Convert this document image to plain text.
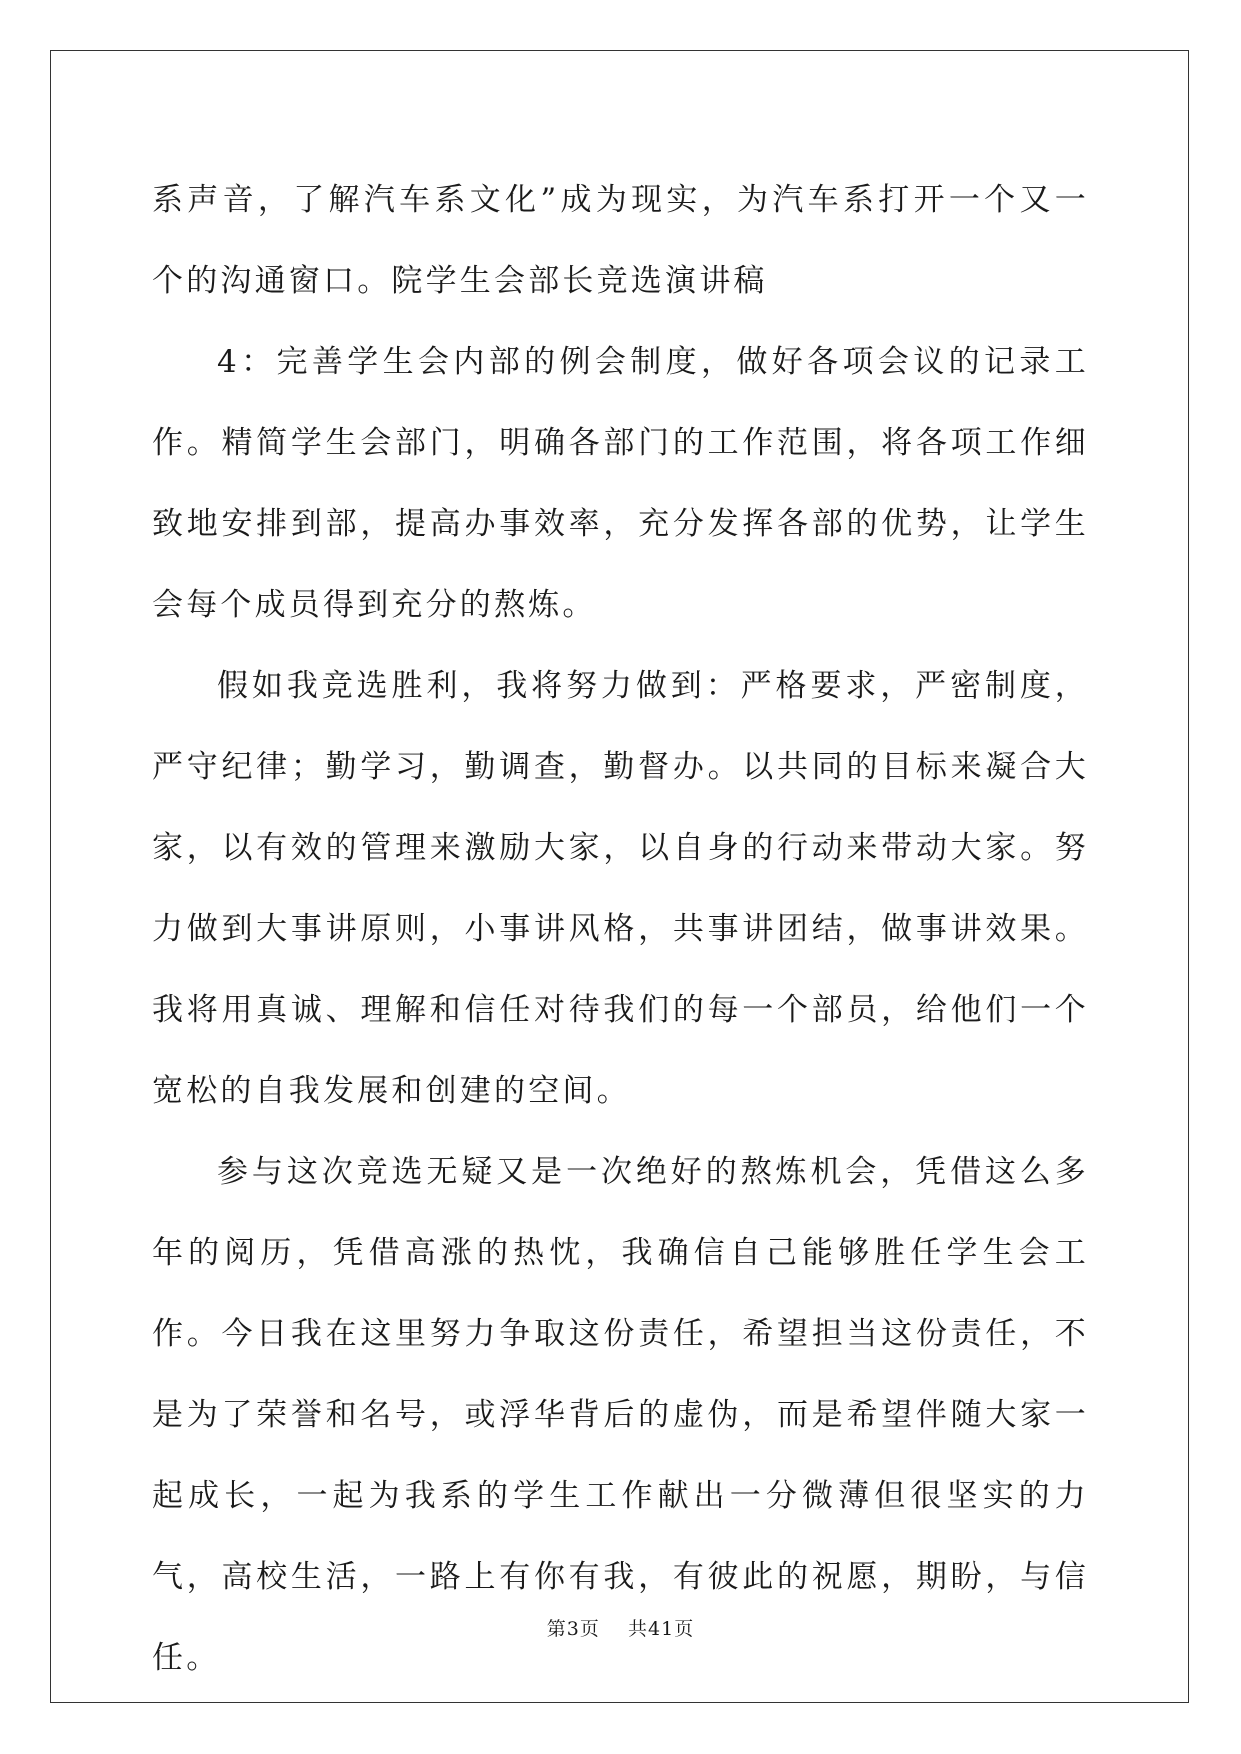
系声音，了解汽车系文化”成为现实，为汽车系打开一个又一个的沟通窗口。院学生会部长竞选演讲稿

4：完善学生会内部的例会制度，做好各项会议的记录工作。精简学生会部门，明确各部门的工作范围，将各项工作细致地安排到部，提高办事效率，充分发挥各部的优势，让学生会每个成员得到充分的熬炼。

假如我竞选胜利，我将努力做到：严格要求，严密制度，严守纪律；勤学习，勤调查，勤督办。以共同的目标来凝合大家，以有效的管理来激励大家，以自身的行动来带动大家。努力做到大事讲原则，小事讲风格，共事讲团结，做事讲效果。我将用真诚、理解和信任对待我们的每一个部员，给他们一个宽松的自我发展和创建的空间。

参与这次竞选无疑又是一次绝好的熬炼机会，凭借这么多年的阅历，凭借高涨的热忱，我确信自己能够胜任学生会工作。今日我在这里努力争取这份责任，希望担当这份责任，不是为了荣誉和名号，或浮华背后的虚伪，而是希望伴随大家一起成长，一起为我系的学生工作献出一分微薄但很坚实的力气，高校生活，一路上有你有我，有彼此的祝愿，期盼，与信任。

第3页 共41页
